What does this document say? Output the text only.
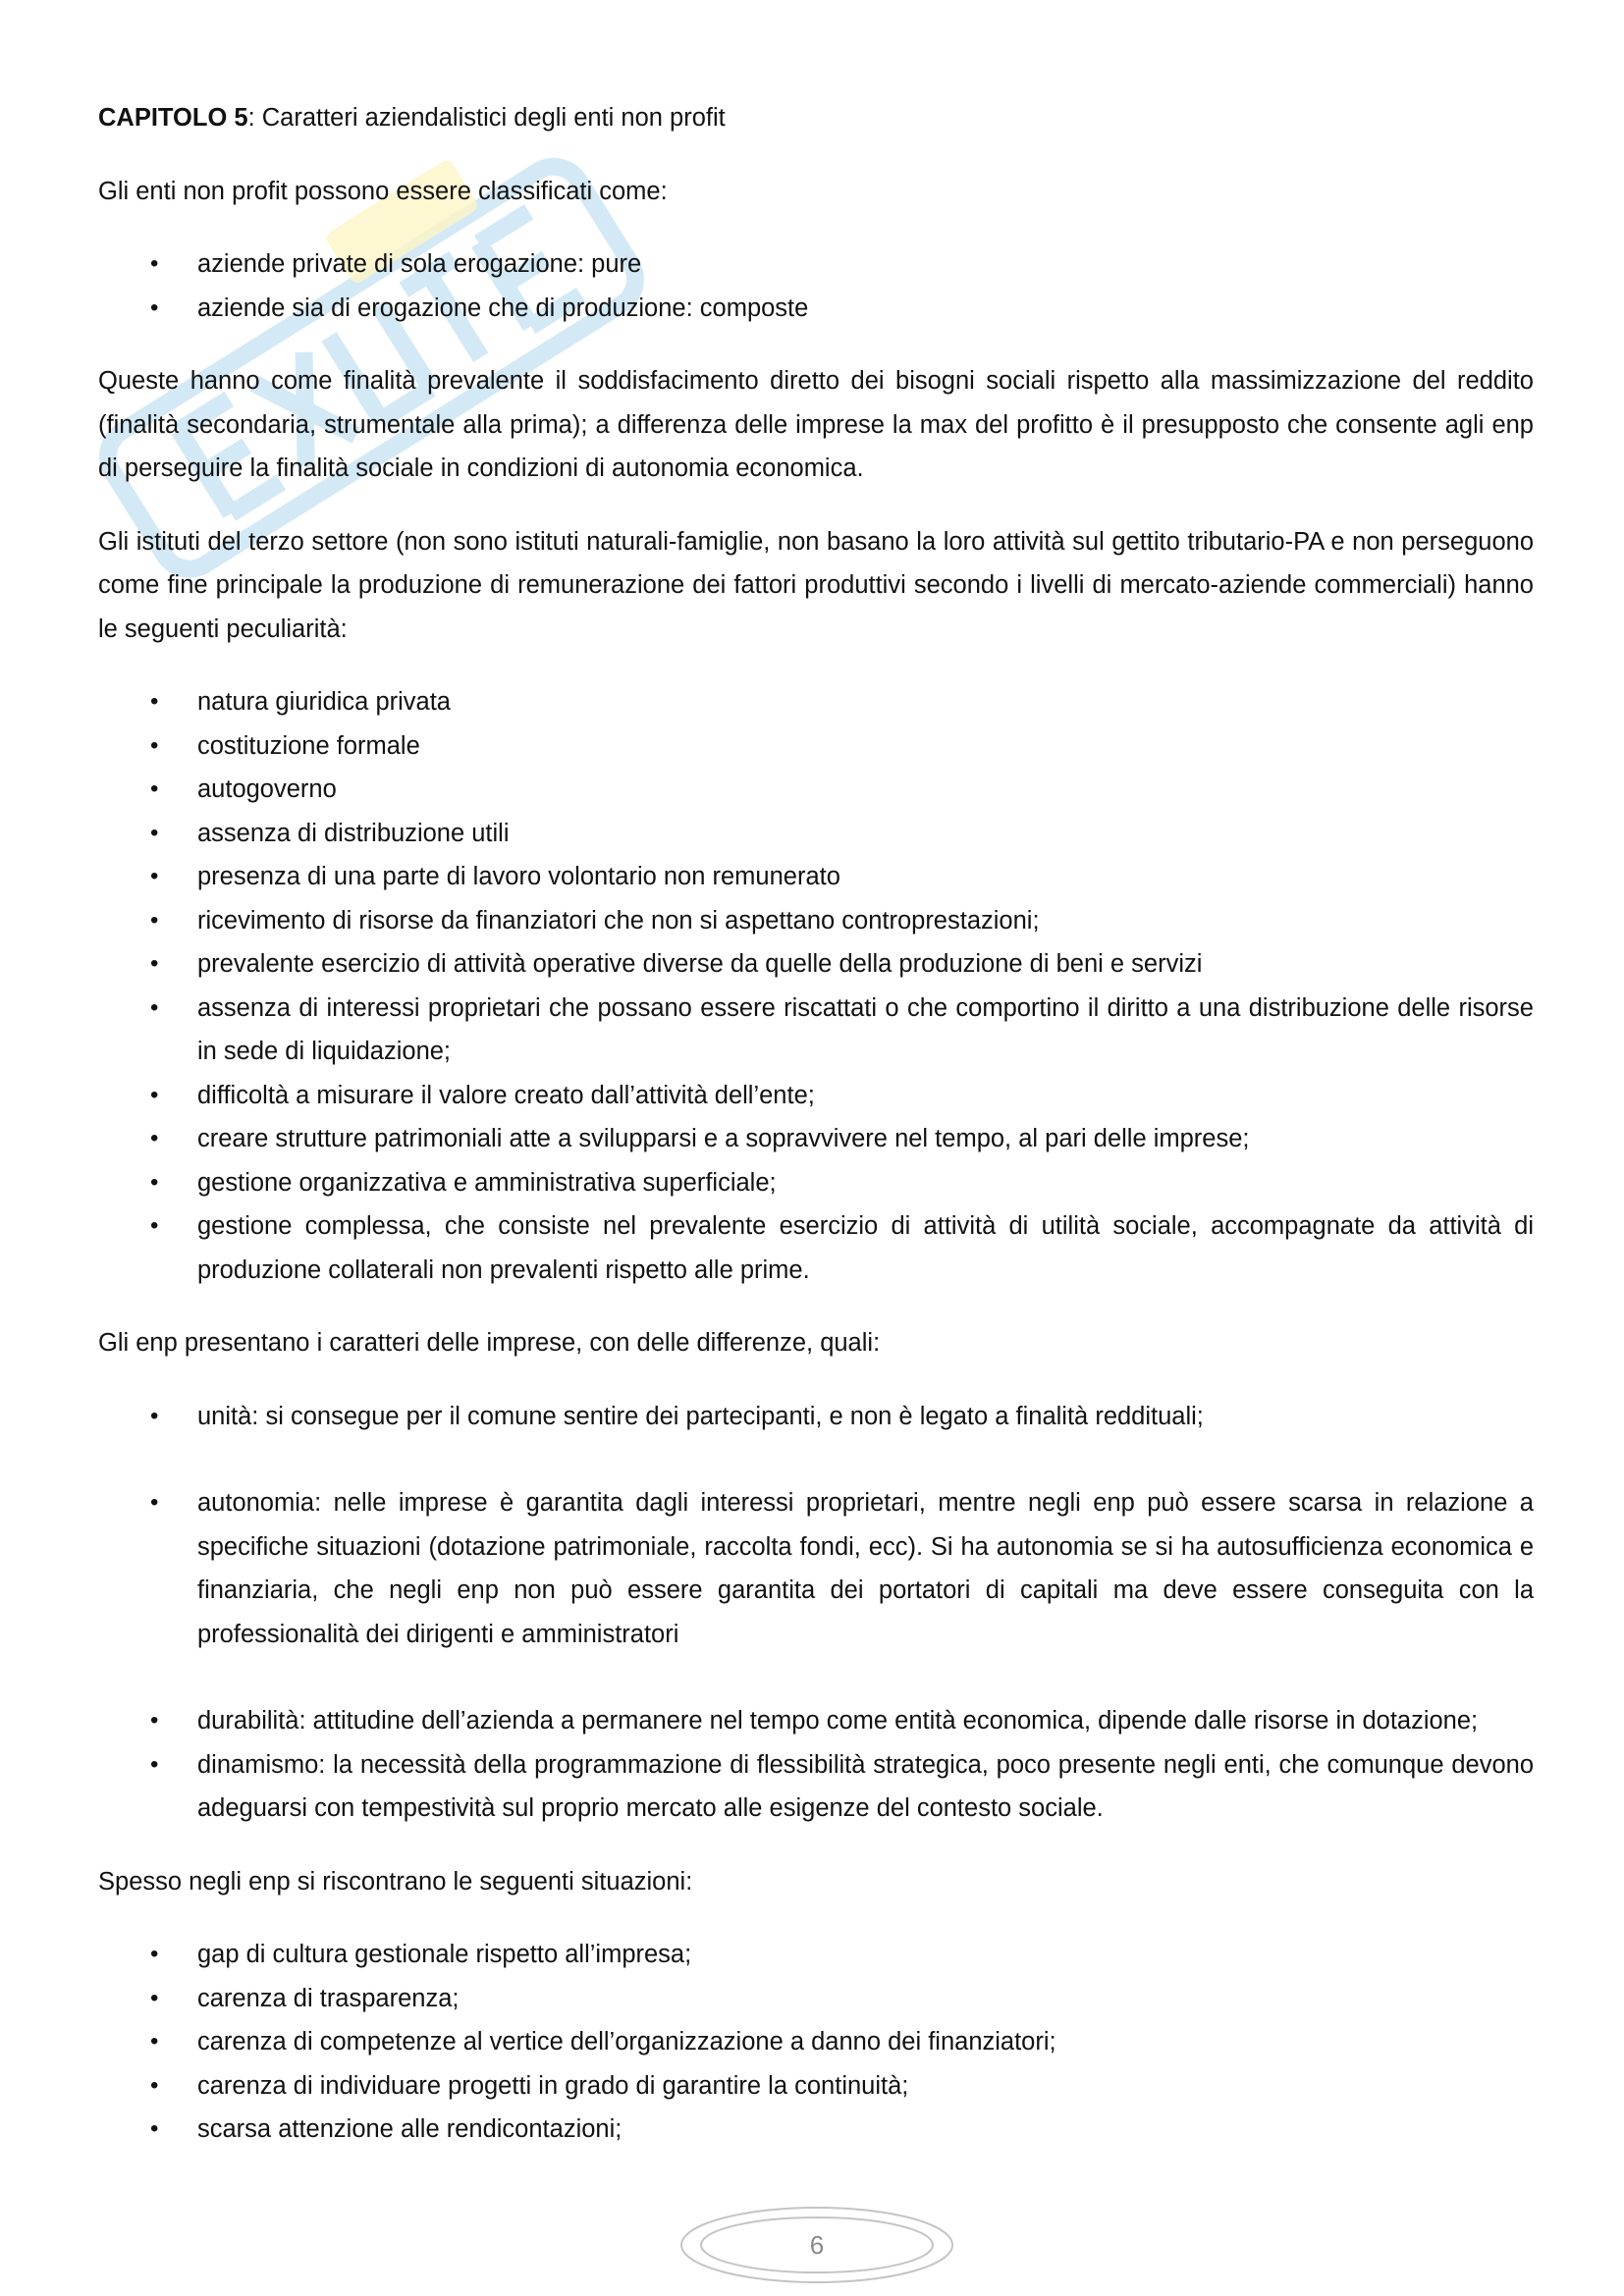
CAPITOLO 5: Caratteri aziendalistici degli enti non profit

Gli enti non profit possono essere classificati come:

• aziende private di sola erogazione: pure
• aziende sia di erogazione che di produzione: composte

Queste hanno come finalità prevalente il soddisfacimento diretto dei bisogni sociali rispetto alla massimizzazione del reddito (finalità secondaria, strumentale alla prima); a differenza delle imprese la max del profitto è il presupposto che consente agli enp di perseguire la finalità sociale in condizioni di autonomia economica.

Gli istituti del terzo settore (non sono istituti naturali-famiglie, non basano la loro attività sul gettito tributario-PA e non perseguono come fine principale la produzione di remunerazione dei fattori produttivi secondo i livelli di mercato-aziende commerciali) hanno le seguenti peculiarità:

• natura giuridica privata
• costituzione formale
• autogoverno
• assenza di distribuzione utili
• presenza di una parte di lavoro volontario non remunerato
• ricevimento di risorse da finanziatori che non si aspettano controprestazioni;
• prevalente esercizio di attività operative diverse da quelle della produzione di beni e servizi
• assenza di interessi proprietari che possano essere riscattati o che comportino il diritto a una distribuzione delle risorse in sede di liquidazione;
• difficoltà a misurare il valore creato dall’attività dell’ente;
• creare strutture patrimoniali atte a svilupparsi e a sopravvivere nel tempo, al pari delle imprese;
• gestione organizzativa e amministrativa superficiale;
• gestione complessa, che consiste nel prevalente esercizio di attività di utilità sociale, accompagnate da attività di produzione collaterali non prevalenti rispetto alle prime.

Gli enp presentano i caratteri delle imprese, con delle differenze, quali:

• unità: si consegue per il comune sentire dei partecipanti, e non è legato a finalità reddituali;
• autonomia: nelle imprese è garantita dagli interessi proprietari, mentre negli enp può essere scarsa in relazione a specifiche situazioni (dotazione patrimoniale, raccolta fondi, ecc). Si ha autonomia se si ha autosufficienza economica e finanziaria, che negli enp non può essere garantita dei portatori di capitali ma deve essere conseguita con la professionalità dei dirigenti e amministratori
• durabilità: attitudine dell’azienda a permanere nel tempo come entità economica, dipende dalle risorse in dotazione;
• dinamismo: la necessità della programmazione di flessibilità strategica, poco presente negli enti, che comunque devono adeguarsi con tempestività sul proprio mercato alle esigenze del contesto sociale.

Spesso negli enp si riscontrano le seguenti situazioni:

• gap di cultura gestionale rispetto all’impresa;
• carenza di trasparenza;
• carenza di competenze al vertice dell’organizzazione a danno dei finanziatori;
• carenza di individuare progetti in grado di garantire la continuità;
• scarsa attenzione alle rendicontazioni;
6
